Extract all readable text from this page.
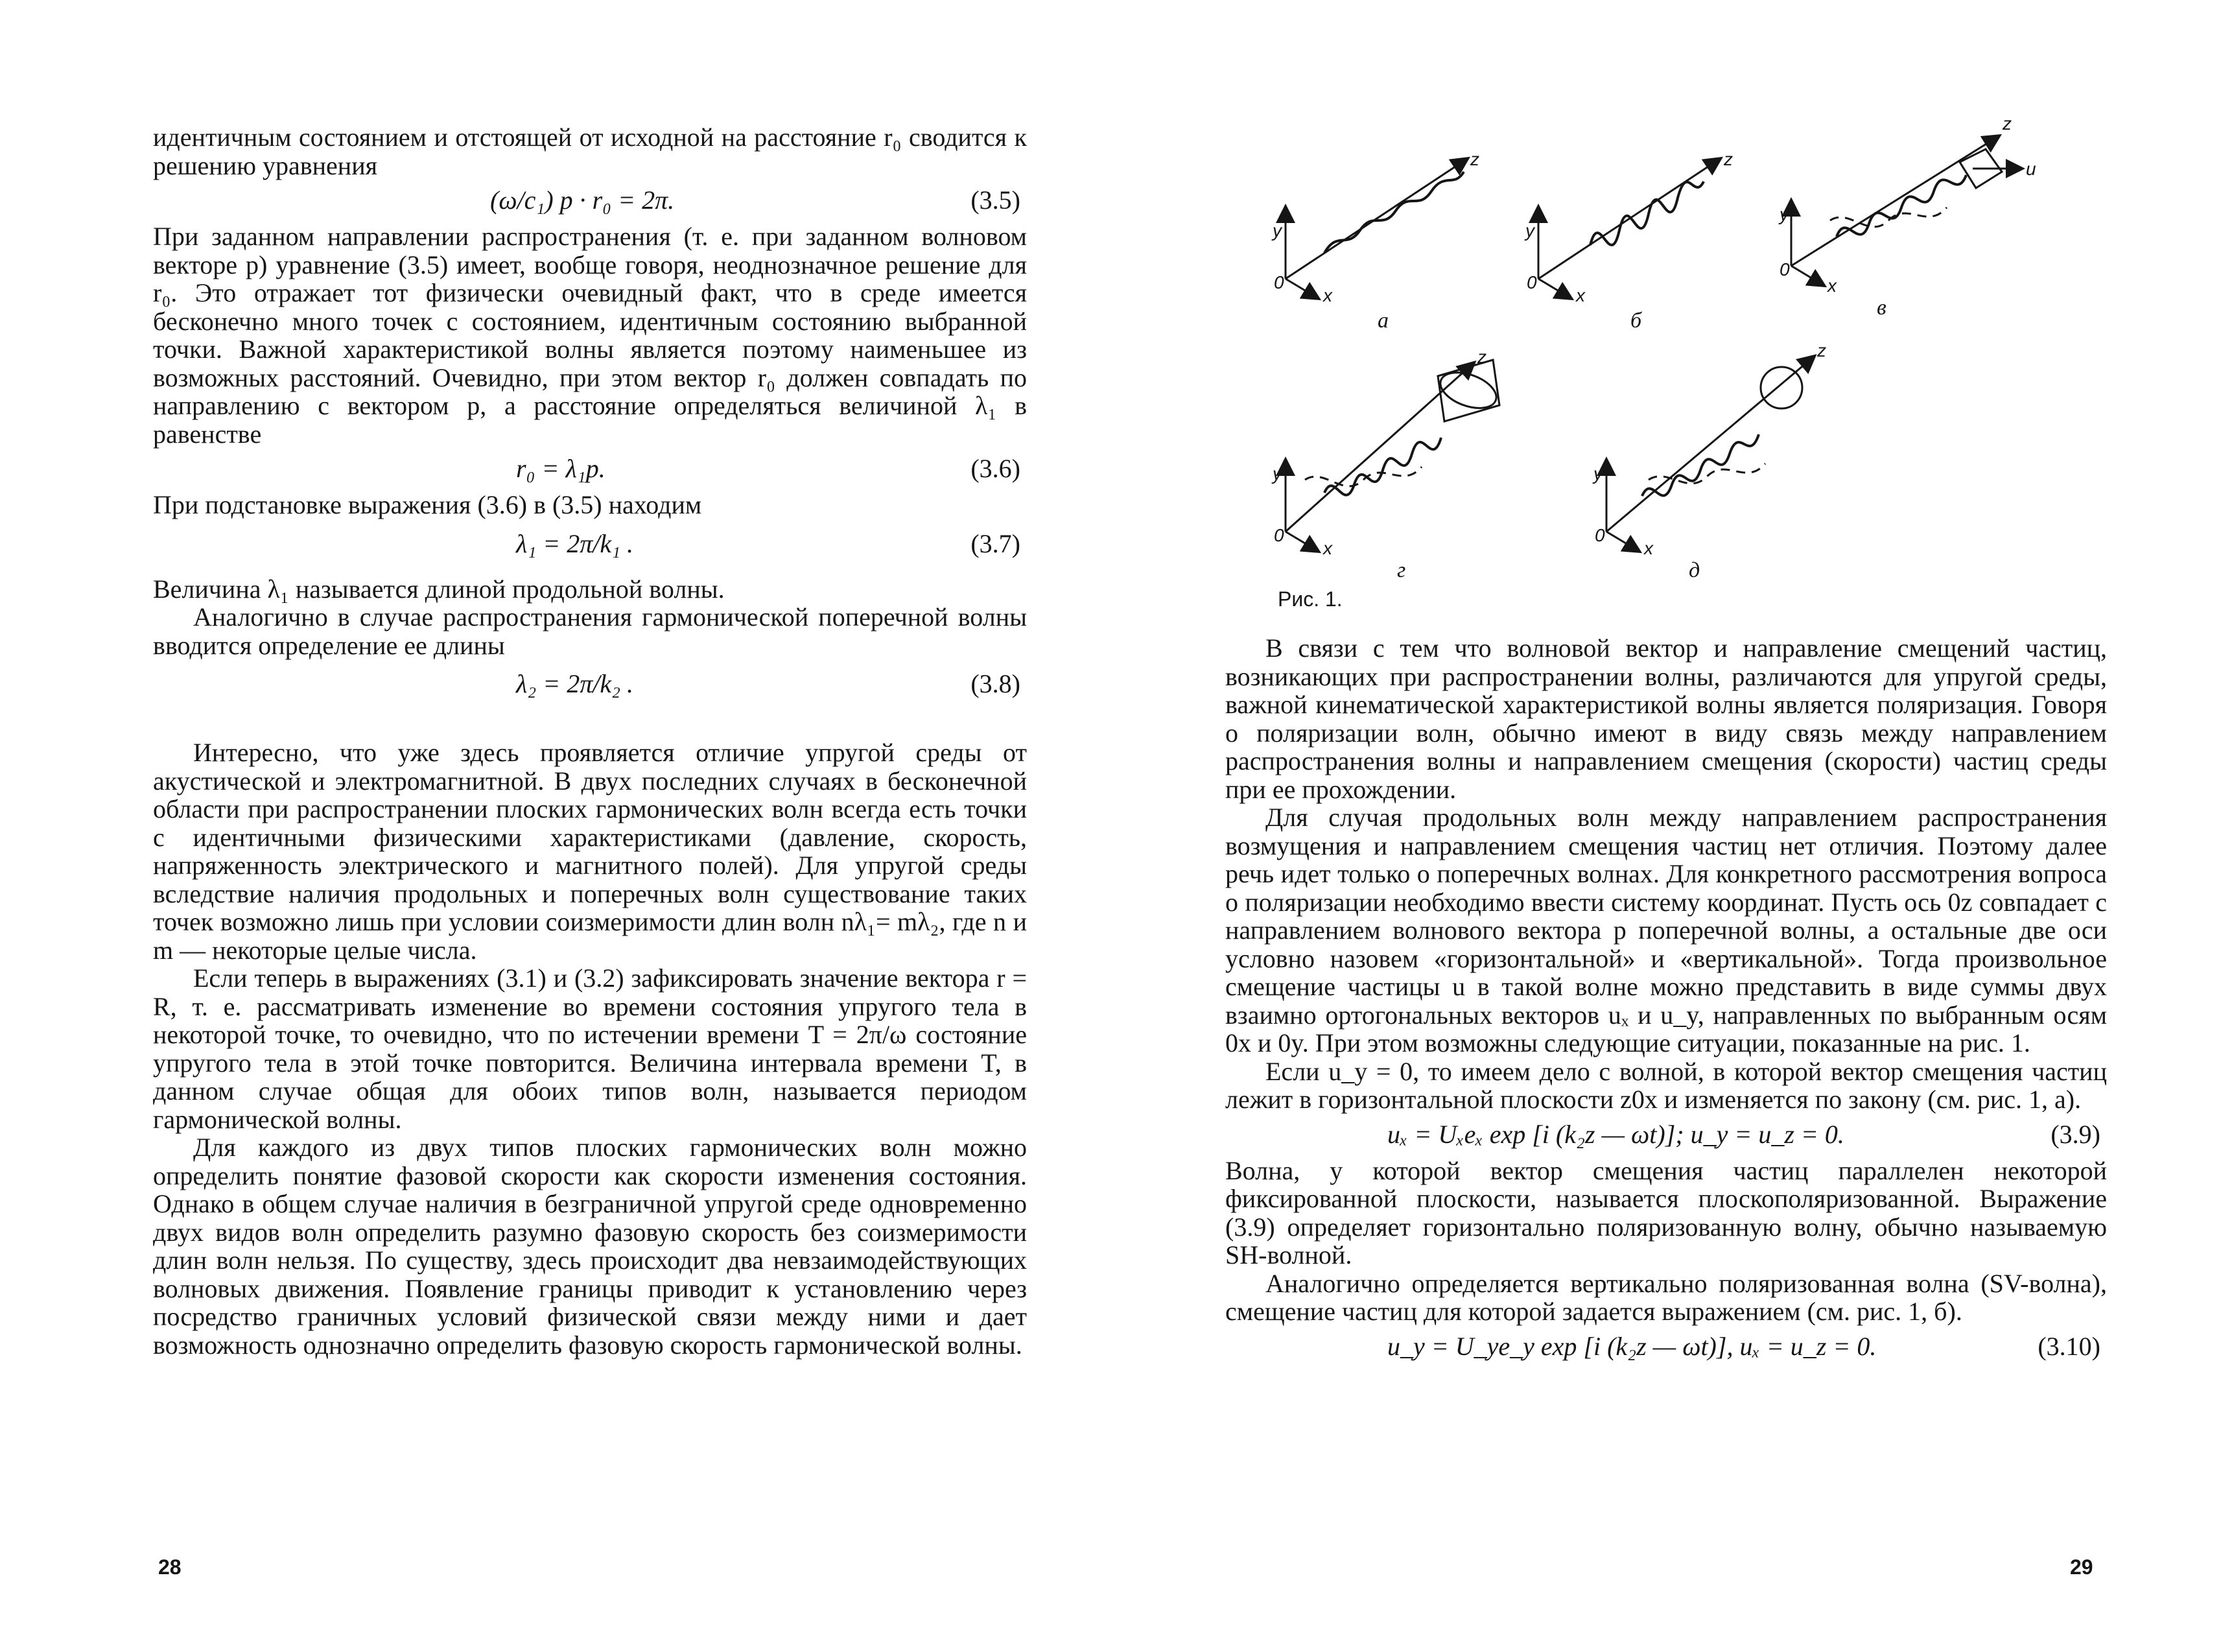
идентичным состоянием и отстоящей от исходной на расстояние r₀ сводится к решению уравнения

(ω/c₁) p · r₀ = 2π.	(3.5)

При заданном направлении распространения (т. е. при заданном волновом векторе p) уравнение (3.5) имеет, вообще говоря, неоднозначное решение для r₀. Это отражает тот физически очевидный факт, что в среде имеется бесконечно много точек с состоянием, идентичным состоянию выбранной точки. Важной характеристикой волны является поэтому наименьшее из возможных расстояний. Очевидно, при этом вектор r₀ должен совпадать по направлению с вектором p, а расстояние определяться величиной λ₁ в равенстве

r₀ = λ₁p.	(3.6)

При подстановке выражения (3.6) в (3.5) находим

λ₁ = 2π/k₁ .	(3.7)

Величина λ₁ называется длиной продольной волны.

Аналогично в случае распространения гармонической поперечной волны вводится определение ее длины

λ₂ = 2π/k₂ .	(3.8)

Интересно, что уже здесь проявляется отличие упругой среды от акустической и электромагнитной. В двух последних случаях в бесконечной области при распространении плоских гармонических волн всегда есть точки с идентичными физическими характеристиками (давление, скорость, напряженность электрического и магнитного полей). Для упругой среды вследствие наличия продольных и поперечных волн существование таких точек возможно лишь при условии соизмеримости длин волн nλ₁= mλ₂, где n и m — некоторые целые числа.

Если теперь в выражениях (3.1) и (3.2) зафиксировать значение вектора r = R, т. е. рассматривать изменение во времени состояния упругого тела в некоторой точке, то очевидно, что по истечении времени T = 2π/ω состояние упругого тела в этой точке повторится. Величина интервала времени T, в данном случае общая для обоих типов волн, называется периодом гармонической волны.

Для каждого из двух типов плоских гармонических волн можно определить понятие фазовой скорости как скорости изменения состояния. Однако в общем случае наличия в безграничной упругой среде одновременно двух видов волн определить разумно фазовую скорость без соизмеримости длин волн нельзя. По существу, здесь происходит два невзаимодействующих волновых движения. Появление границы приводит к установлению через посредство граничных условий физической связи между ними и дает возможность однозначно определить фазовую скорость гармонической волны.

28
y
0
x
z
а
y
0
x
z
б
y
0
x
z
u
в
y
0
x
z
г
y
0
x
z
д
Рис. 1.

В связи с тем что волновой вектор и направление смещений частиц, возникающих при распространении волны, различаются для упругой среды, важной кинематической характеристикой волны является поляризация. Говоря о поляризации волн, обычно имеют в виду связь между направлением распространения волны и направлением смещения (скорости) частиц среды при ее прохождении.

Для случая продольных волн между направлением распространения возмущения и направлением смещения частиц нет отличия. Поэтому далее речь идет только о поперечных волнах. Для конкретного рассмотрения вопроса о поляризации необходимо ввести систему координат. Пусть ось 0z совпадает с направлением волнового вектора p поперечной волны, а остальные две оси условно назовем «горизонтальной» и «вертикальной». Тогда произвольное смещение частицы u в такой волне можно представить в виде суммы двух взаимно ортогональных векторов uₓ и u_y, направленных по выбранным осям 0x и 0y. При этом возможны следующие ситуации, показанные на рис. 1.

Если u_y = 0, то имеем дело с волной, в которой вектор смещения частиц лежит в горизонтальной плоскости z0x и изменяется по закону (см. рис. 1, а).

uₓ = Uₓeₓ exp [i (k₂z — ωt)]; u_y = u_z = 0.	(3.9)

Волна, у которой вектор смещения частиц параллелен некоторой фиксированной плоскости, называется плоскополяризованной. Выражение (3.9) определяет горизонтально поляризованную волну, обычно называемую SH-волной.

Аналогично определяется вертикально поляризованная волна (SV-волна), смещение частиц для которой задается выражением (см. рис. 1, б).

u_y = U_ye_y exp [i (k₂z — ωt)], uₓ = u_z = 0.	(3.10)
29
